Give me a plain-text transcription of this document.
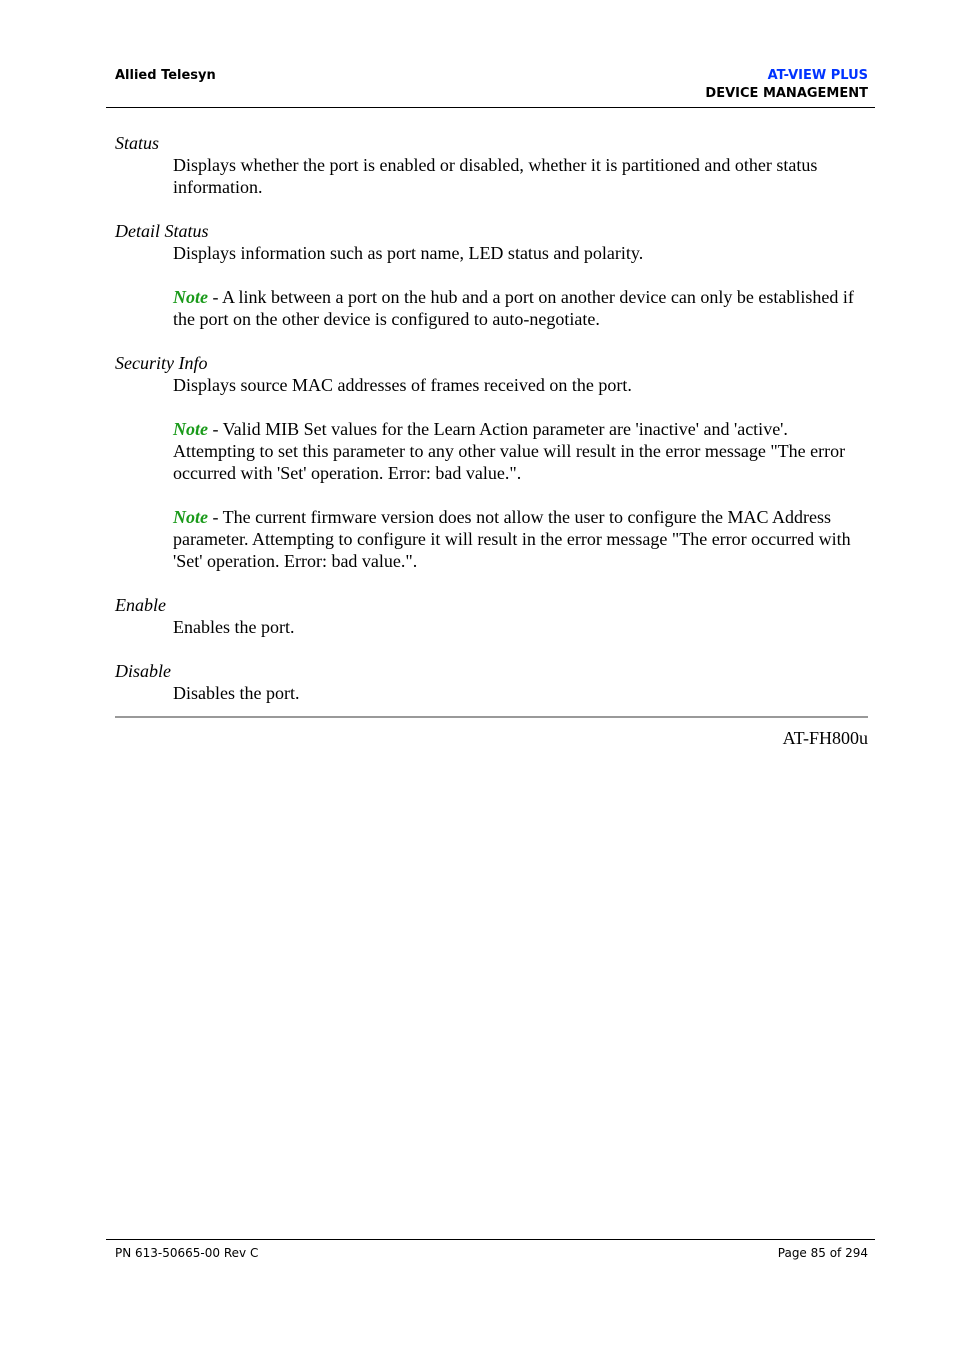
Allied Telesyn	AT-VIEW PLUS
DEVICE MANAGEMENT

Status

Displays whether the port is enabled or disabled, whether it is partitioned and other status information.

Detail Status

Displays information such as port name, LED status and polarity.

Note - A link between a port on the hub and a port on another device can only be established if the port on the other device is configured to auto-negotiate.

Security Info

Displays source MAC addresses of frames received on the port.

Note - Valid MIB Set values for the Learn Action parameter are 'inactive' and 'active'. Attempting to set this parameter to any other value will result in the error message "The error occurred with 'Set' operation. Error: bad value.".

Note - The current firmware version does not allow the user to configure the MAC Address parameter. Attempting to configure it will result in the error message "The error occurred with 'Set' operation. Error: bad value.".

Enable

Enables the port.

Disable

Disables the port.

AT-FH800u
PN 613-50665-00 Rev C	Page 85 of 294
